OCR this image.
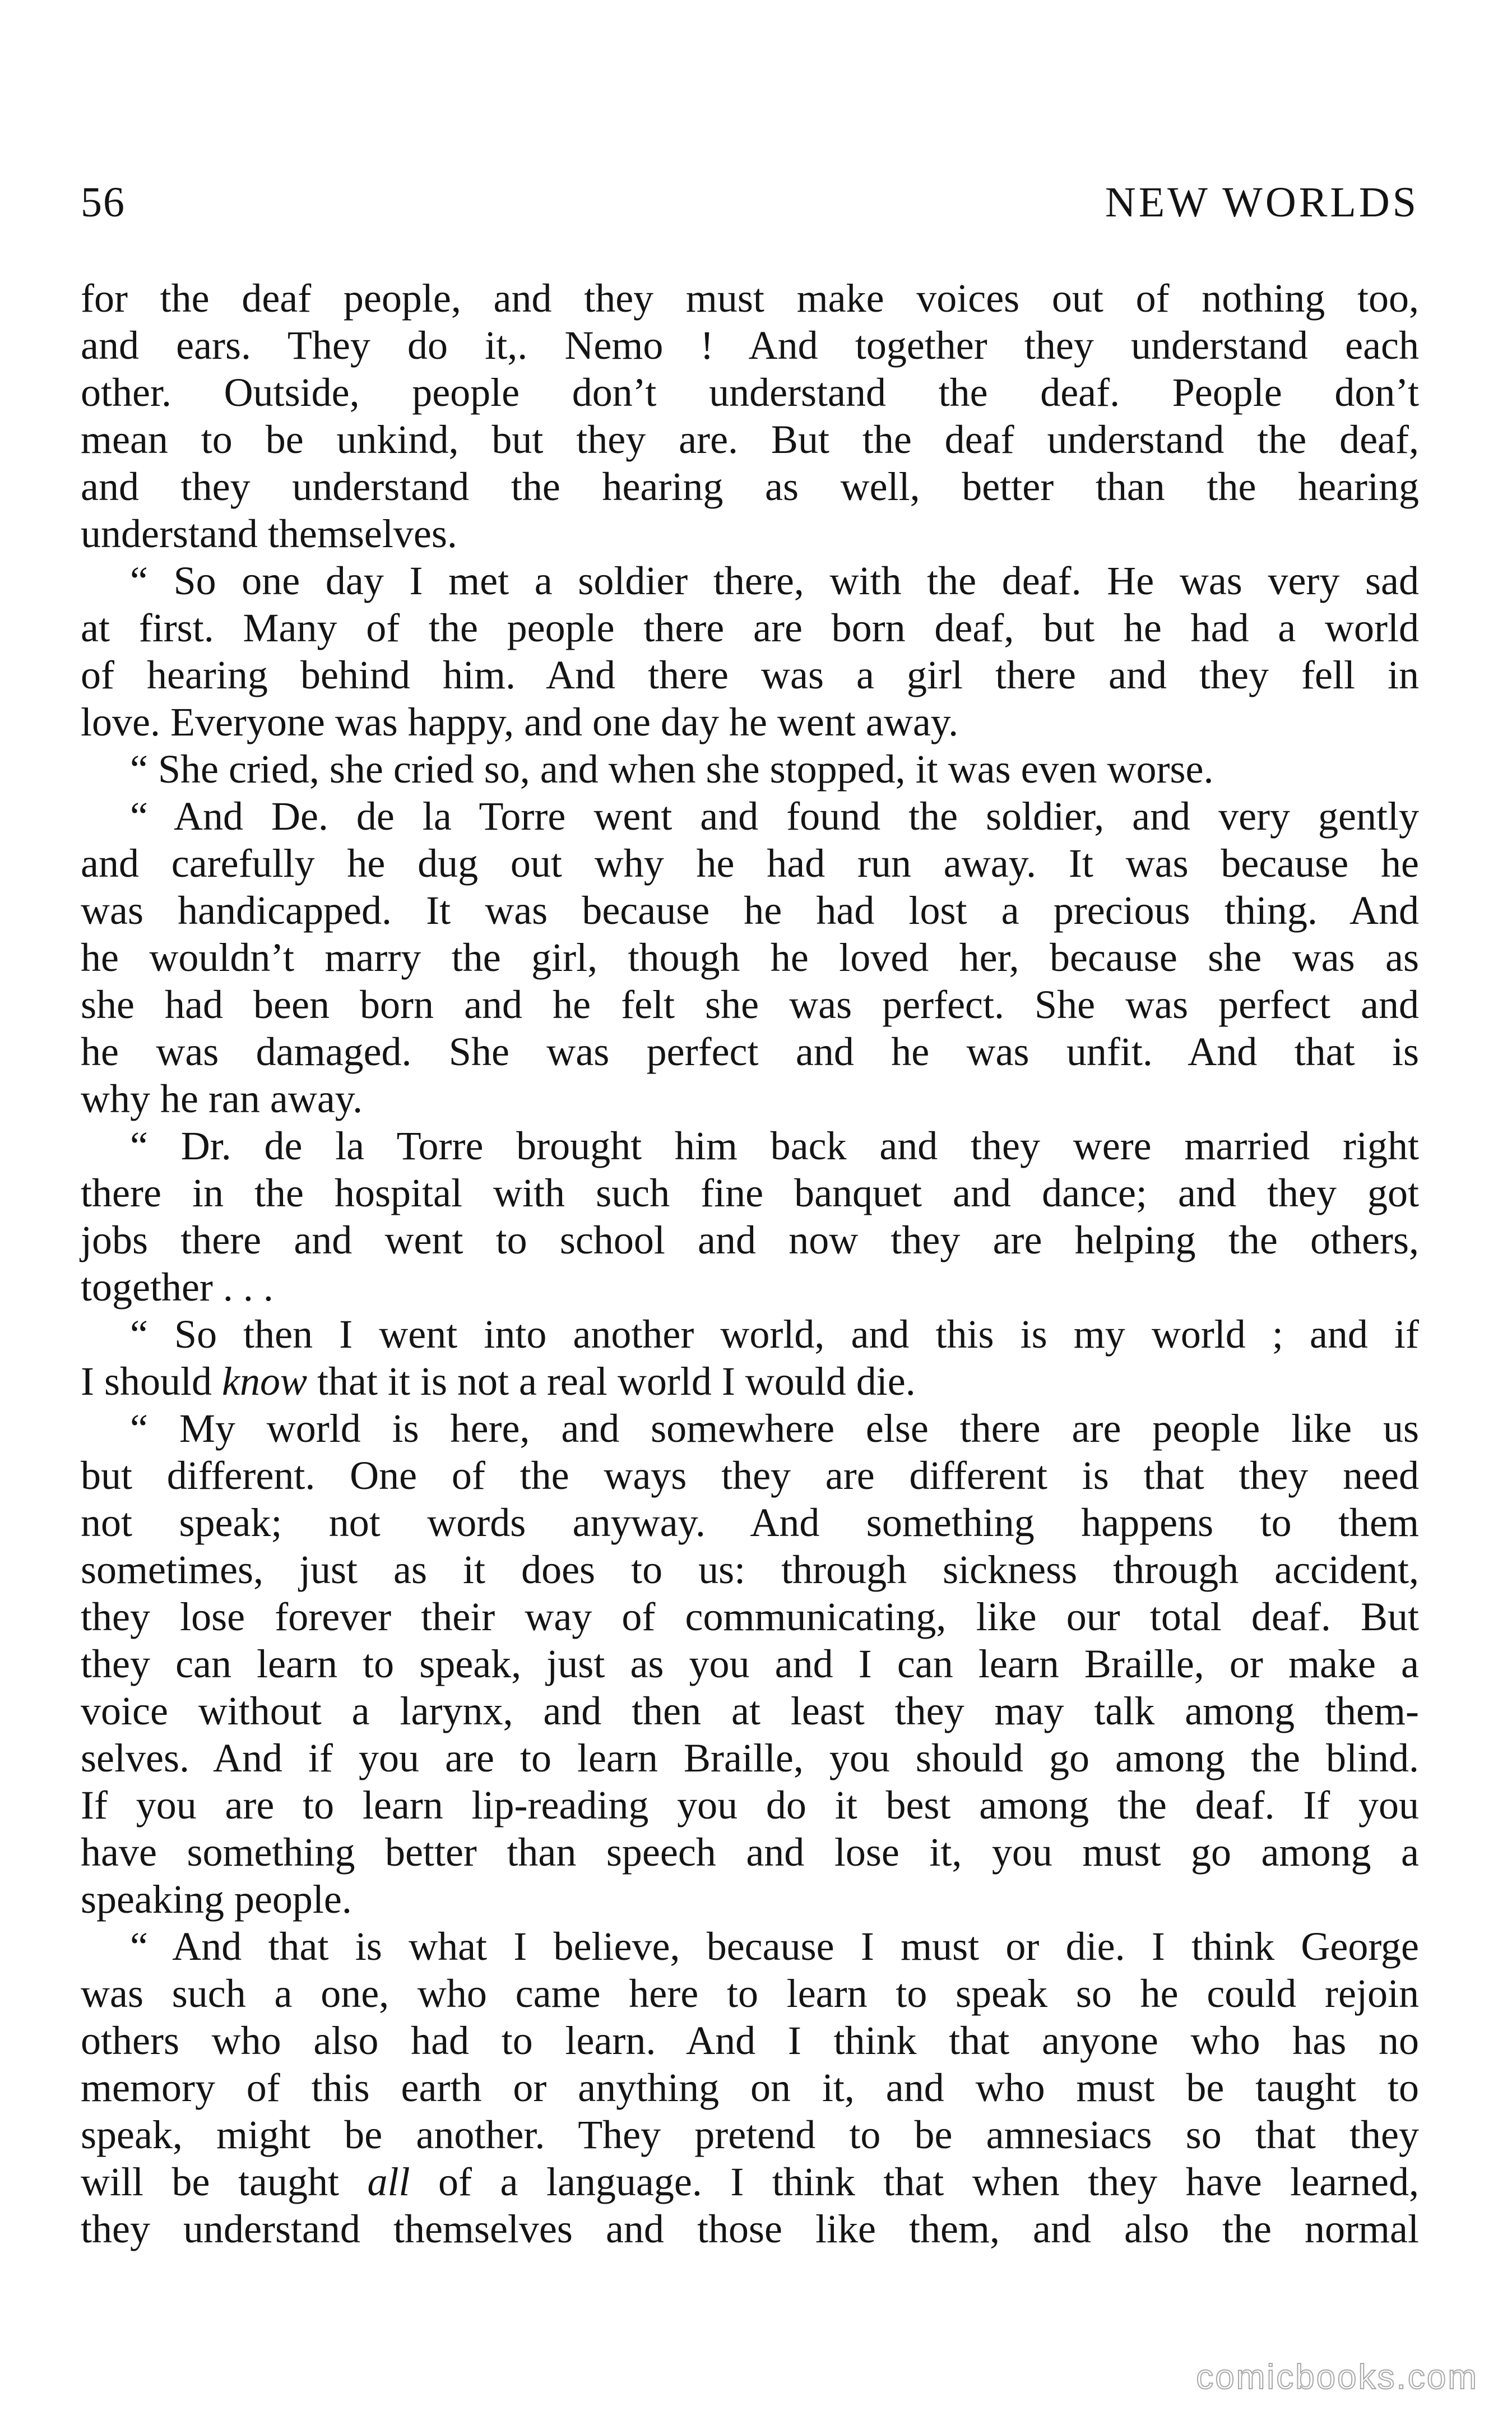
56	NEW WORLDS
for the deaf people, and they must make voices out of nothing too,
and ears. They do it,. Nemo ! And together they understand each
other. Outside, people don’t understand the deaf. People don’t
mean to be unkind, but they are. But the deaf understand the deaf,
and they understand the hearing as well, better than the hearing
understand themselves.
“ So one day I met a soldier there, with the deaf. He was very sad
at first. Many of the people there are born deaf, but he had a world
of hearing behind him. And there was a girl there and they fell in
love. Everyone was happy, and one day he went away.
“ She cried, she cried so, and when she stopped, it was even worse.
“ And De. de la Torre went and found the soldier, and very gently
and carefully he dug out why he had run away. It was because he
was handicapped. It was because he had lost a precious thing. And
he wouldn’t marry the girl, though he loved her, because she was as
she had been born and he felt she was perfect. She was perfect and
he was damaged. She was perfect and he was unfit. And that is
why he ran away.
“ Dr. de la Torre brought him back and they were married right
there in the hospital with such fine banquet and dance; and they got
jobs there and went to school and now they are helping the others,
together . . .
“ So then I went into another world, and this is my world ; and if
I should know that it is not a real world I would die.
“ My world is here, and somewhere else there are people like us
but different. One of the ways they are different is that they need
not speak; not words anyway. And something happens to them
sometimes, just as it does to us: through sickness through accident,
they lose forever their way of communicating, like our total deaf. But
they can learn to speak, just as you and I can learn Braille, or make a
voice without a larynx, and then at least they may talk among them-
selves. And if you are to learn Braille, you should go among the blind.
If you are to learn lip-reading you do it best among the deaf. If you
have something better than speech and lose it, you must go among a
speaking people.
“ And that is what I believe, because I must or die. I think George
was such a one, who came here to learn to speak so he could rejoin
others who also had to learn. And I think that anyone who has no
memory of this earth or anything on it, and who must be taught to
speak, might be another. They pretend to be amnesiacs so that they
will be taught all of a language. I think that when they have learned,
they understand themselves and those like them, and also the normal
comicbooks.com
